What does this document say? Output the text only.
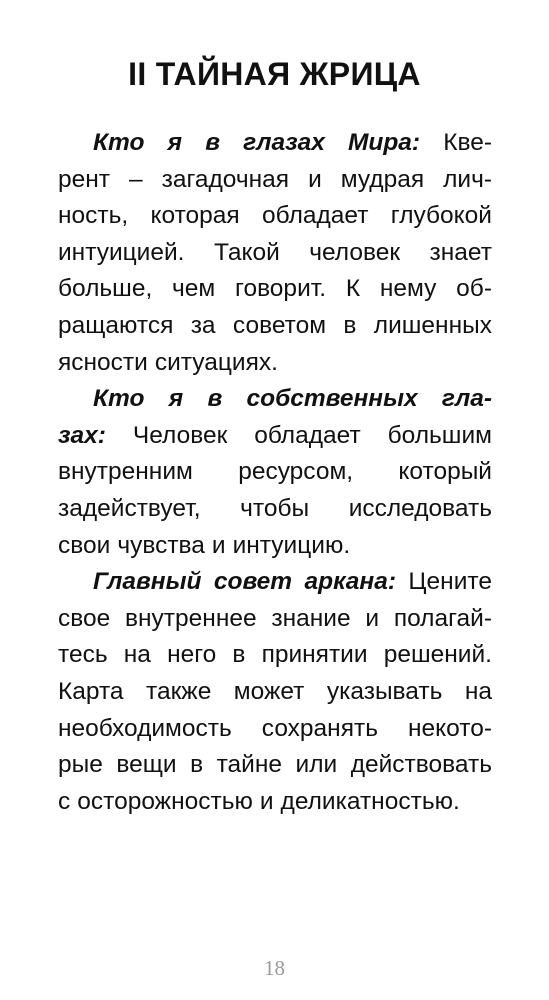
II ТАЙНАЯ ЖРИЦА
Кто я в глазах Мира: Кве-
рент – загадочная и мудрая лич-
ность, которая обладает глубокой
интуицией. Такой человек знает
больше, чем говорит. К нему об-
ращаются за советом в лишенных
ясности ситуациях.
Кто я в собственных гла-
зах: Человек обладает большим
внутренним ресурсом, который
задействует, чтобы исследовать
свои чувства и интуицию.
Главный совет аркана: Цените
свое внутреннее знание и полагай-
тесь на него в принятии решений.
Карта также может указывать на
необходимость сохранять некото-
рые вещи в тайне или действовать
с осторожностью и деликатностью.
18
